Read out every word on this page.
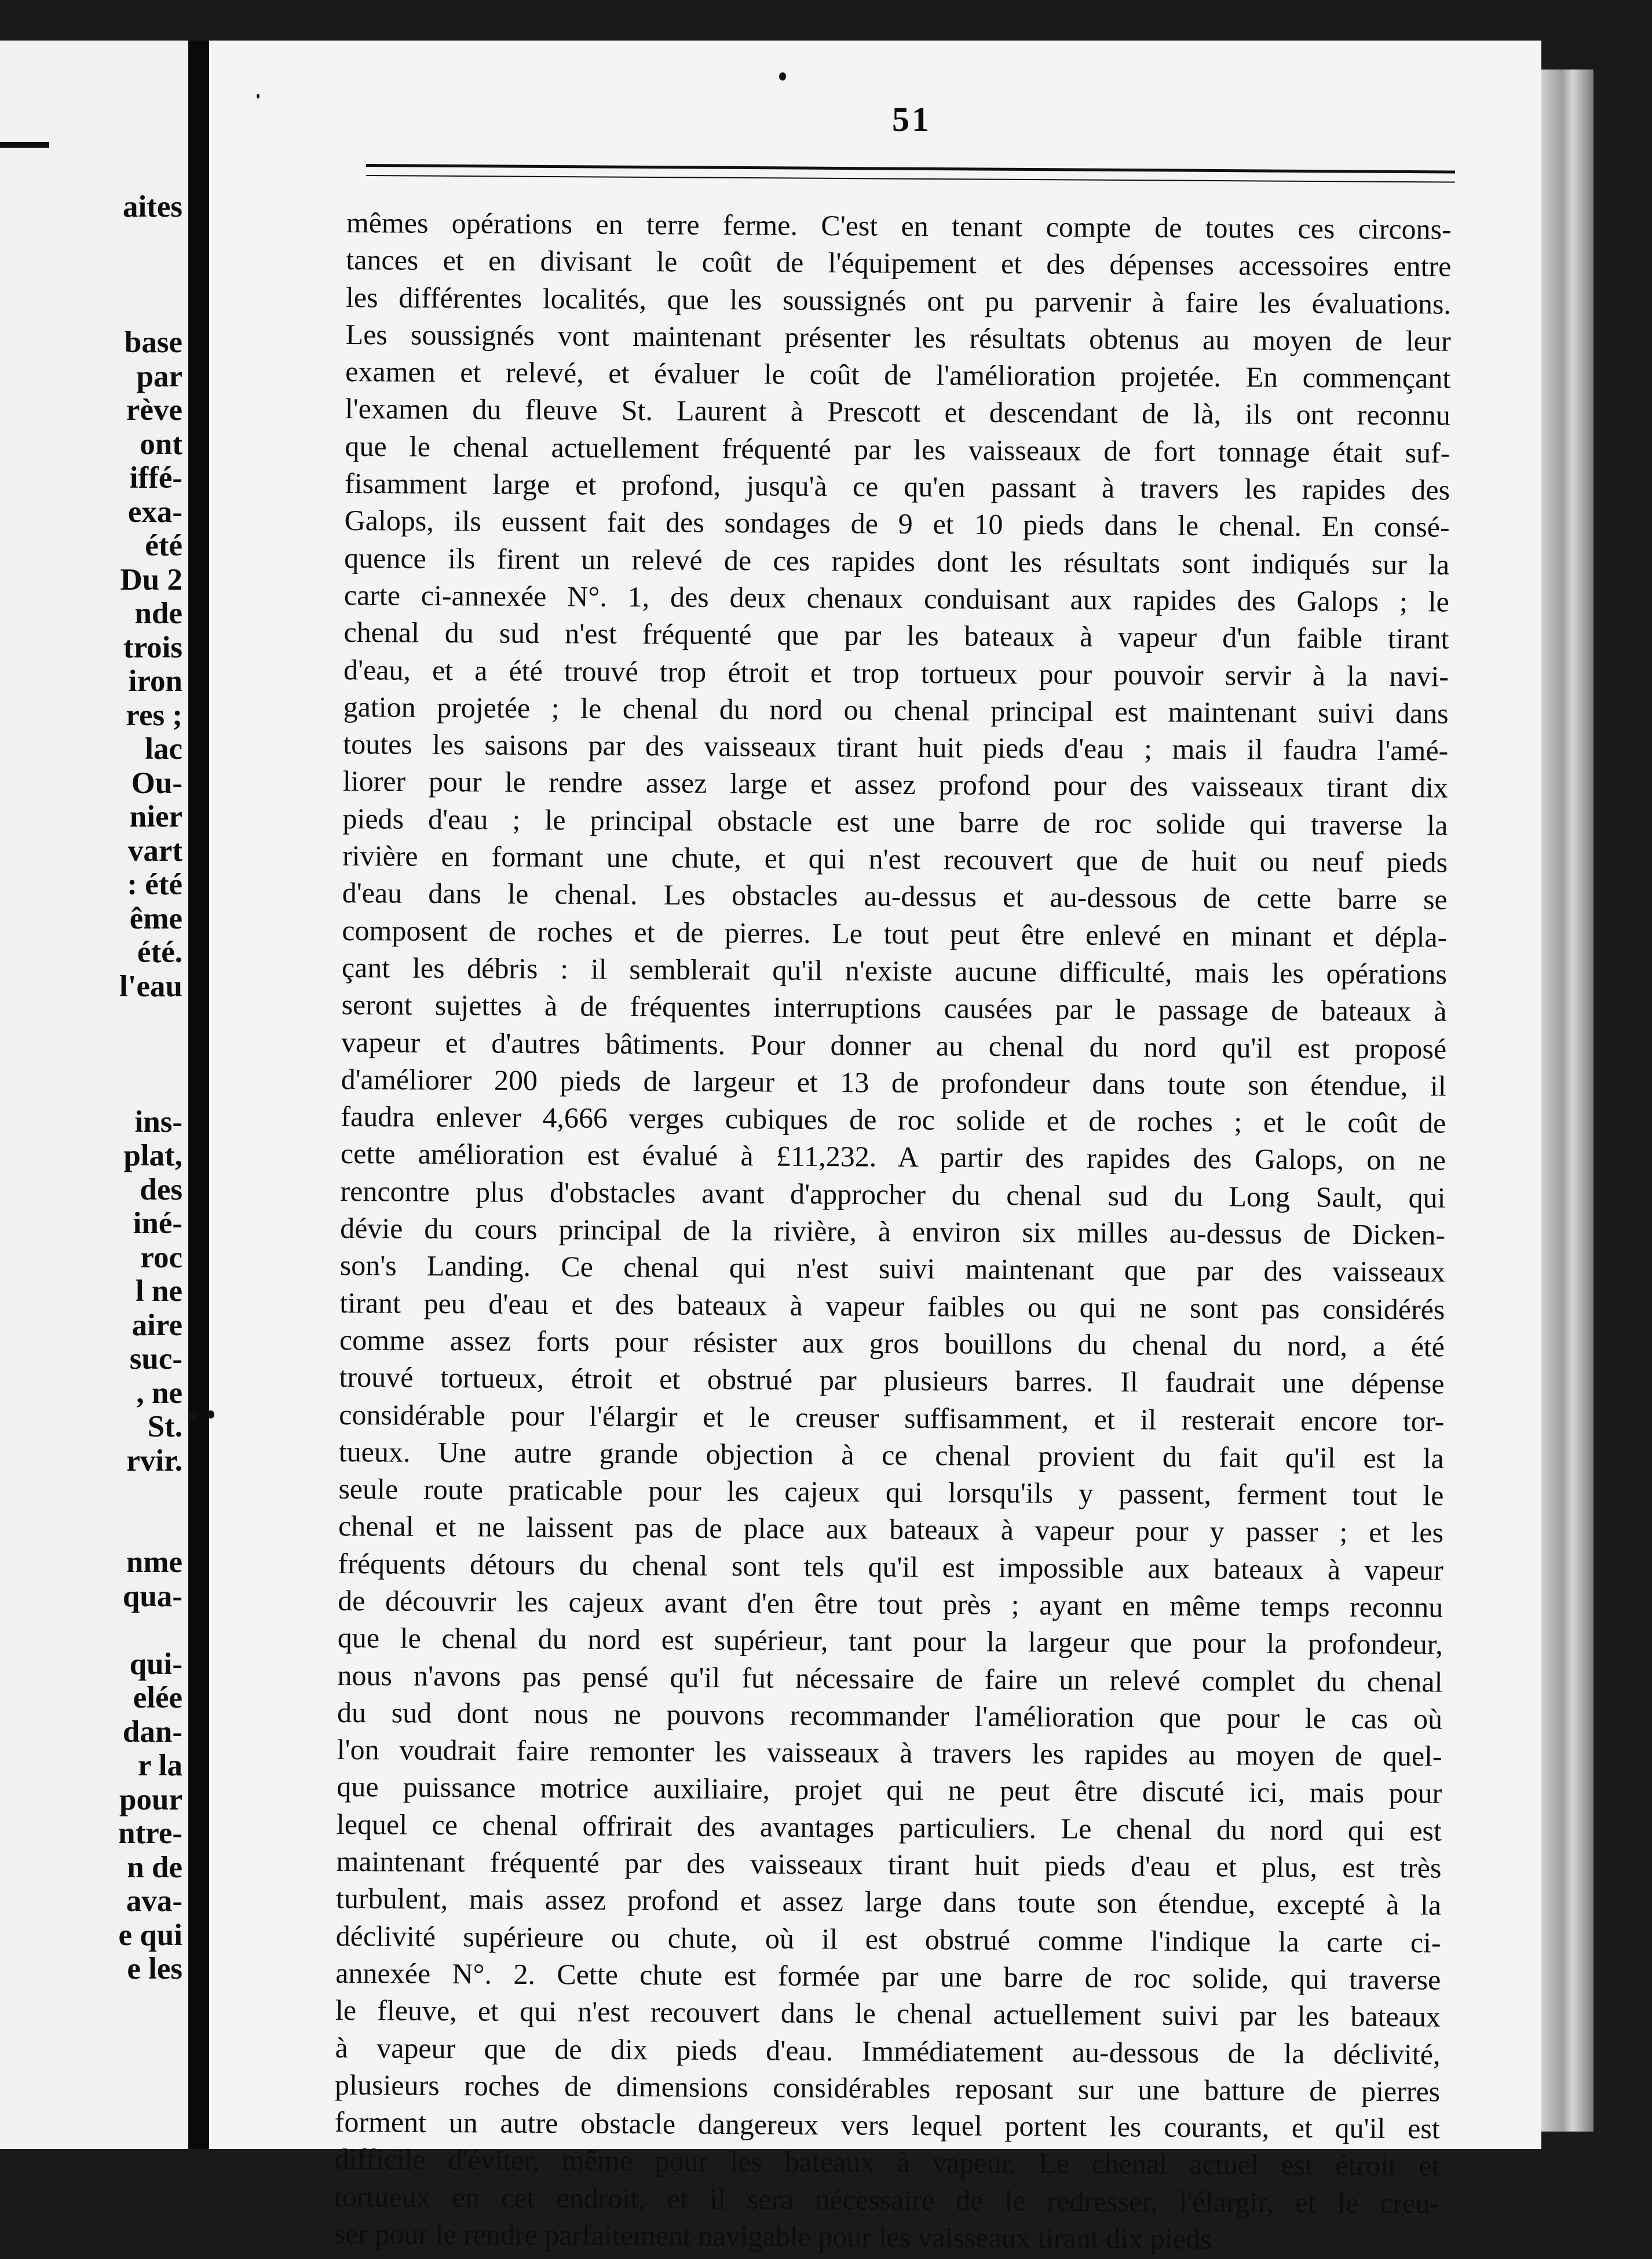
aites
base
par
rève
ont
iffé-
exa-
été
Du 2
nde
trois
iron
res ;
lac
Ou-
nier
vart
: été
ême
été.
l'eau
ins-
plat,
des
iné-
roc
l ne
aire
suc-
, ne
St.
rvir.
nme
qua-
qui-
elée
dan-
r la
pour
ntre-
n de
ava-
e qui
e les
51
mêmes opérations en terre ferme. C'est en tenant compte de toutes ces circons-
tances et en divisant le coût de l'équipement et des dépenses accessoires entre
les différentes localités, que les soussignés ont pu parvenir à faire les évaluations.
Les soussignés vont maintenant présenter les résultats obtenus au moyen de leur
examen et relevé, et évaluer le coût de l'amélioration projetée. En commençant
l'examen du fleuve St. Laurent à Prescott et descendant de là, ils ont reconnu
que le chenal actuellement fréquenté par les vaisseaux de fort tonnage était suf-
fisamment large et profond, jusqu'à ce qu'en passant à travers les rapides des
Galops, ils eussent fait des sondages de 9 et 10 pieds dans le chenal. En consé-
quence ils firent un relevé de ces rapides dont les résultats sont indiqués sur la
carte ci-annexée N°. 1, des deux chenaux conduisant aux rapides des Galops ; le
chenal du sud n'est fréquenté que par les bateaux à vapeur d'un faible tirant
d'eau, et a été trouvé trop étroit et trop tortueux pour pouvoir servir à la navi-
gation projetée ; le chenal du nord ou chenal principal est maintenant suivi dans
toutes les saisons par des vaisseaux tirant huit pieds d'eau ; mais il faudra l'amé-
liorer pour le rendre assez large et assez profond pour des vaisseaux tirant dix
pieds d'eau ; le principal obstacle est une barre de roc solide qui traverse la
rivière en formant une chute, et qui n'est recouvert que de huit ou neuf pieds
d'eau dans le chenal. Les obstacles au-dessus et au-dessous de cette barre se
composent de roches et de pierres. Le tout peut être enlevé en minant et dépla-
çant les débris : il semblerait qu'il n'existe aucune difficulté, mais les opérations
seront sujettes à de fréquentes interruptions causées par le passage de bateaux à
vapeur et d'autres bâtiments. Pour donner au chenal du nord qu'il est proposé
d'améliorer 200 pieds de largeur et 13 de profondeur dans toute son étendue, il
faudra enlever 4,666 verges cubiques de roc solide et de roches ; et le coût de
cette amélioration est évalué à £11,232. A partir des rapides des Galops, on ne
rencontre plus d'obstacles avant d'approcher du chenal sud du Long Sault, qui
dévie du cours principal de la rivière, à environ six milles au-dessus de Dicken-
son's Landing. Ce chenal qui n'est suivi maintenant que par des vaisseaux
tirant peu d'eau et des bateaux à vapeur faibles ou qui ne sont pas considérés
comme assez forts pour résister aux gros bouillons du chenal du nord, a été
trouvé tortueux, étroit et obstrué par plusieurs barres. Il faudrait une dépense
considérable pour l'élargir et le creuser suffisamment, et il resterait encore tor-
tueux. Une autre grande objection à ce chenal provient du fait qu'il est la
seule route praticable pour les cajeux qui lorsqu'ils y passent, ferment tout le
chenal et ne laissent pas de place aux bateaux à vapeur pour y passer ; et les
fréquents détours du chenal sont tels qu'il est impossible aux bateaux à vapeur
de découvrir les cajeux avant d'en être tout près ; ayant en même temps reconnu
que le chenal du nord est supérieur, tant pour la largeur que pour la profondeur,
nous n'avons pas pensé qu'il fut nécessaire de faire un relevé complet du chenal
du sud dont nous ne pouvons recommander l'amélioration que pour le cas où
l'on voudrait faire remonter les vaisseaux à travers les rapides au moyen de quel-
que puissance motrice auxiliaire, projet qui ne peut être discuté ici, mais pour
lequel ce chenal offrirait des avantages particuliers. Le chenal du nord qui est
maintenant fréquenté par des vaisseaux tirant huit pieds d'eau et plus, est très
turbulent, mais assez profond et assez large dans toute son étendue, excepté à la
déclivité supérieure ou chute, où il est obstrué comme l'indique la carte ci-
annexée N°. 2. Cette chute est formée par une barre de roc solide, qui traverse
le fleuve, et qui n'est recouvert dans le chenal actuellement suivi par les bateaux
à vapeur que de dix pieds d'eau. Immédiatement au-dessous de la déclivité,
plusieurs roches de dimensions considérables reposant sur une batture de pierres
forment un autre obstacle dangereux vers lequel portent les courants, et qu'il est
difficile d'éviter, même pour les bateaux à vapeur. Le chenal actuel est étroit et
tortueux en cet endroit, et il sera nécessaire de le redresser, l'élargir, et le creu-
ser pour le rendre parfaitement navigable pour les vaisseaux tirant dix pieds
